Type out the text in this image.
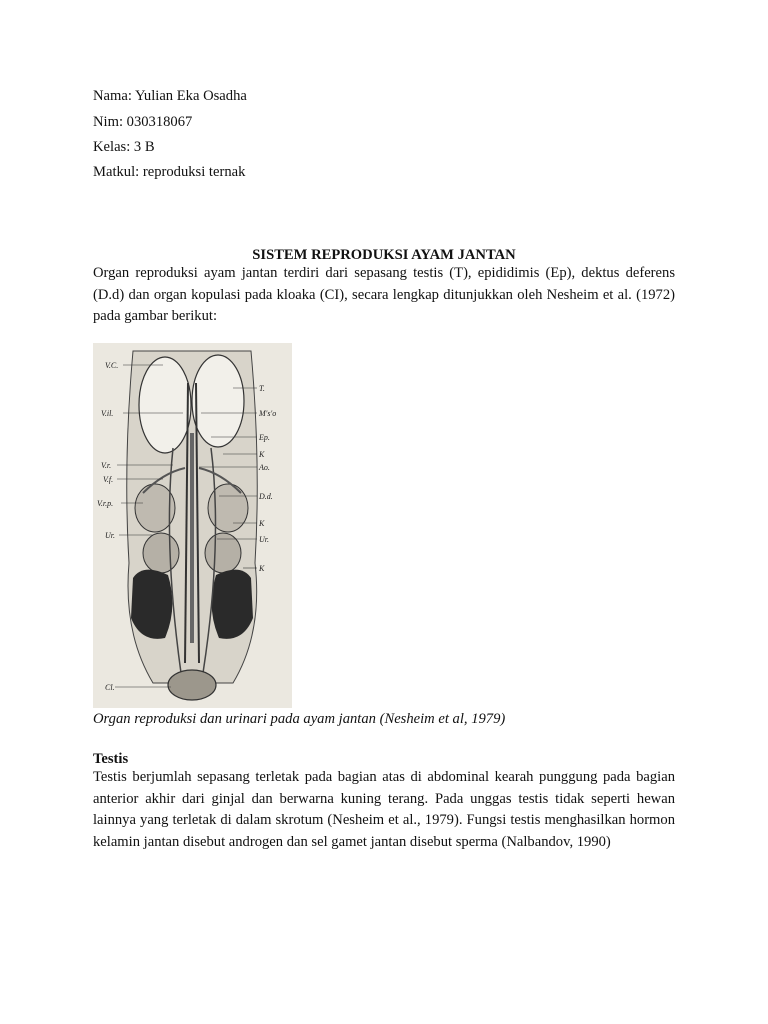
Nama: Yulian Eka Osadha
Nim: 030318067
Kelas: 3 B
Matkul: reproduksi ternak
SISTEM REPRODUKSI AYAM JANTAN
Organ reproduksi ayam jantan terdiri dari sepasang testis (T), epididimis (Ep), dektus deferens (D.d) dan organ kopulasi pada kloaka (CI), secara lengkap ditunjukkan oleh Nesheim et al. (1972) pada gambar berikut:
V.C.
V.il.
V.r.
V.f.
V.r.p.
Ur.
Cl.
T.
M's'o
Ep.
K
Ao.
D.d.
K
Ur.
K
Organ reproduksi dan urinari pada ayam jantan (Nesheim et al, 1979)
Testis
Testis berjumlah sepasang terletak pada bagian atas di abdominal kearah punggung pada bagian anterior akhir dari ginjal dan berwarna kuning terang. Pada unggas testis tidak seperti hewan lainnya yang terletak di dalam skrotum (Nesheim et al., 1979). Fungsi testis menghasilkan hormon kelamin jantan disebut androgen dan sel gamet jantan disebut sperma (Nalbandov, 1990)
